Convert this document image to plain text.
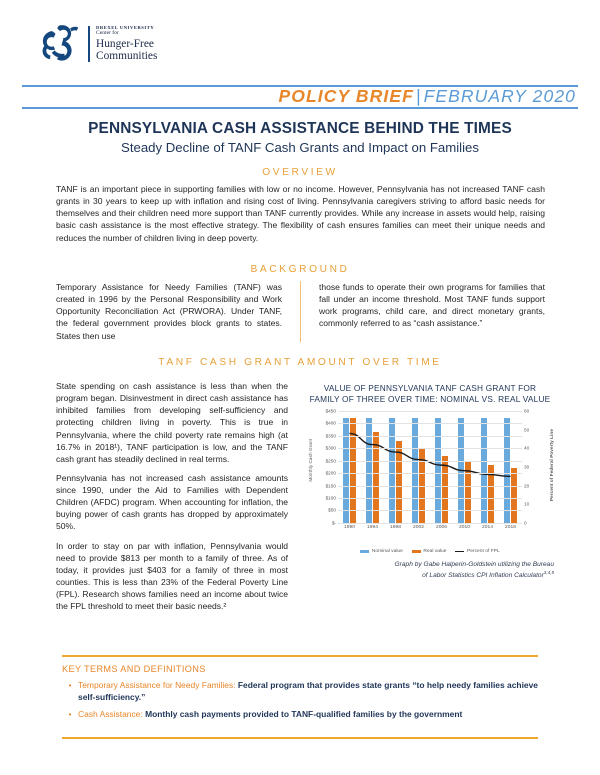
DREXEL UNIVERSITY
Center for
Hunger-Free
Communities
POLICY BRIEF | FEBRUARY 2020
PENNSYLVANIA CASH ASSISTANCE BEHIND THE TIMES
Steady Decline of TANF Cash Grants and Impact on Families
OVERVIEW
TANF is an important piece in supporting families with low or no income. However, Pennsylvania has not increased TANF cash grants in 30 years to keep up with inflation and rising cost of living. Pennsylvania caregivers striving to afford basic needs for themselves and their children need more support than TANF currently provides. While any increase in assets would help, raising basic cash assistance is the most effective strategy. The flexibility of cash ensures families can meet their unique needs and reduces the number of children living in deep poverty.
BACKGROUND
Temporary Assistance for Needy Families (TANF) was created in 1996 by the Personal Responsibility and Work Opportunity Reconciliation Act (PRWORA). Under TANF, the federal government provides block grants to states. States then use
those funds to operate their own programs for families that fall under an income threshold. Most TANF funds support work programs, child care, and direct monetary grants, commonly referred to as “cash assistance.”
TANF CASH GRANT AMOUNT OVER TIME

State spending on cash assistance is less than when the program began. Disinvestment in direct cash assistance has inhibited families from developing self-sufficiency and protecting children living in poverty. This is true in Pennsylvania, where the child poverty rate remains high (at 16.7% in 2018¹), TANF participation is low, and the TANF cash grant has steadily declined in real terms.

Pennsylvania has not increased cash assistance amounts since 1990, under the Aid to Families with Dependent Children (AFDC) program. When accounting for inflation, the buying power of cash grants has dropped by approximately 50%.

In order to stay on par with inflation, Pennsylvania would need to provide $813 per month to a family of three. As of today, it provides just $403 for a family of three in most counties. This is less than 23% of the Federal Poverty Line (FPL). Research shows families need an income about twice the FPL threshold to meet their basic needs.²

VALUE OF PENNSYLVANIA TANF CASH GRANT FOR
FAMILY OF THREE OVER TIME: NOMINAL VS. REAL VALUE
Monthly Cash Grant	Percent of Federal Poverty Line
$450
$400
$350
$300
$250
$200
$150
$100
$50
$-
60
50
40
30
20
10
0
1990	1994	1998	2002	2006	2010	2014	2018
Nominal value	Real value	Percent of FPL
Graph by Gabe Halperin-Goldstein utilizing the Bureau
of Labor Statistics CPI Inflation Calculator$^{3,4,5}$
KEY TERMS AND DEFINITIONS
• Temporary Assistance for Needy Families: Federal program that provides state grants “to help needy families achieve self-sufficiency.”
• Cash Assistance: Monthly cash payments provided to TANF-qualified families by the government
